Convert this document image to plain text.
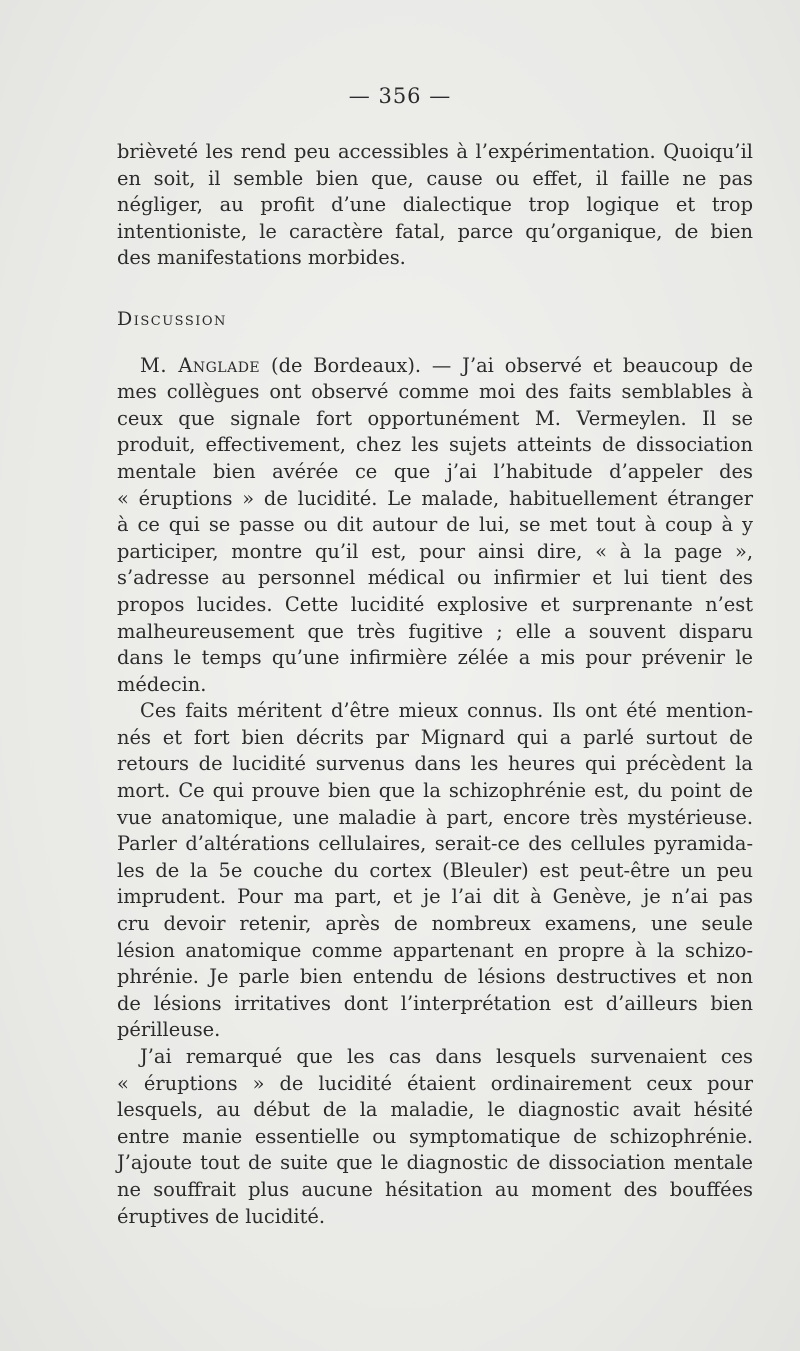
— 356 —

brièveté les rend peu accessibles à l’expérimentation. Quoiqu’il
en soit, il semble bien que, cause ou effet, il faille ne pas
négliger, au profit d’une dialectique trop logique et trop
intentioniste, le caractère fatal, parce qu’organique, de bien
des manifestations morbides.

Discussion

M. Anglade (de Bordeaux). — J’ai observé et beaucoup de
mes collègues ont observé comme moi des faits semblables à
ceux que signale fort opportunément M. Vermeylen. Il se
produit, effectivement, chez les sujets atteints de dissociation
mentale bien avérée ce que j’ai l’habitude d’appeler des
« éruptions » de lucidité. Le malade, habituellement étranger
à ce qui se passe ou dit autour de lui, se met tout à coup à y
participer, montre qu’il est, pour ainsi dire, « à la page »,
s’adresse au personnel médical ou infirmier et lui tient des
propos lucides. Cette lucidité explosive et surprenante n’est
malheureusement que très fugitive ; elle a souvent disparu
dans le temps qu’une infirmière zélée a mis pour prévenir le
médecin.

Ces faits méritent d’être mieux connus. Ils ont été mention-
nés et fort bien décrits par Mignard qui a parlé surtout de
retours de lucidité survenus dans les heures qui précèdent la
mort. Ce qui prouve bien que la schizophrénie est, du point de
vue anatomique, une maladie à part, encore très mystérieuse.
Parler d’altérations cellulaires, serait-ce des cellules pyramida-
les de la 5e couche du cortex (Bleuler) est peut-être un peu
imprudent. Pour ma part, et je l’ai dit à Genève, je n’ai pas
cru devoir retenir, après de nombreux examens, une seule
lésion anatomique comme appartenant en propre à la schizo-
phrénie. Je parle bien entendu de lésions destructives et non
de lésions irritatives dont l’interprétation est d’ailleurs bien
périlleuse.

J’ai remarqué que les cas dans lesquels survenaient ces
« éruptions » de lucidité étaient ordinairement ceux pour
lesquels, au début de la maladie, le diagnostic avait hésité
entre manie essentielle ou symptomatique de schizophrénie.
J’ajoute tout de suite que le diagnostic de dissociation mentale
ne souffrait plus aucune hésitation au moment des bouffées
éruptives de lucidité.
